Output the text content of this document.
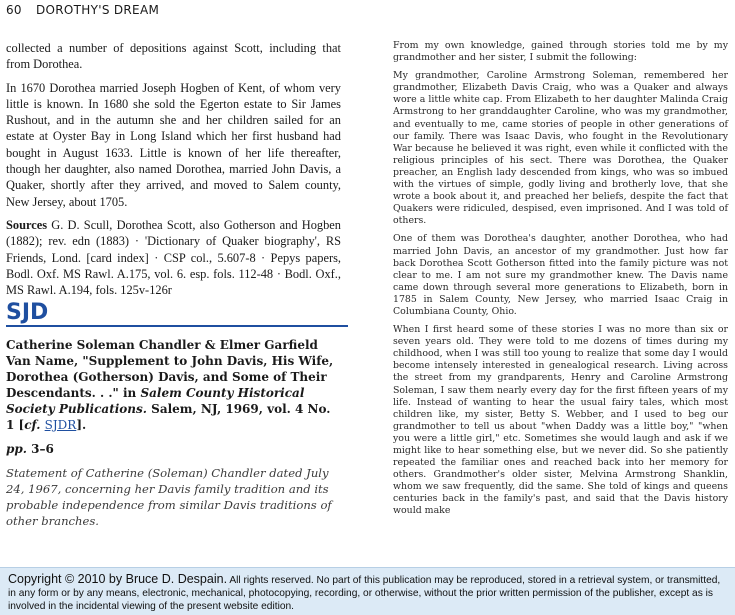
60 DOROTHY'S DREAM

collected a number of depositions against Scott, including that from Dorothea.

In 1670 Dorothea married Joseph Hogben of Kent, of whom very little is known. In 1680 she sold the Egerton estate to Sir James Rushout, and in the autumn she and her children sailed for an estate at Oyster Bay in Long Island which her first husband had bought in August 1633. Little is known of her life thereafter, though her daughter, also named Dorothea, married John Davis, a Quaker, shortly after they arrived, and moved to Salem county, New Jersey, about 1705.

Sources G. D. Scull, Dorothea Scott, also Gotherson and Hogben (1882); rev. edn (1883) · 'Dictionary of Quaker biography', RS Friends, Lond. [card index] · CSP col., 5.607-8 · Pepys papers, Bodl. Oxf. MS Rawl. A.175, vol. 6. esp. fols. 112-48 · Bodl. Oxf., MS Rawl. A.194, fols. 125v-126r

SJD
Catherine Soleman Chandler & Elmer Garfield Van Name, "Supplement to John Davis, His Wife, Dorothea (Gotherson) Davis, and Some of Their Descendants. . ." in Salem County Historical Society Publications. Salem, NJ, 1969, vol. 4 No. 1 [cf. SJDR].
pp. 3–6
Statement of Catherine (Soleman) Chandler dated July 24, 1967, concerning her Davis family tradition and its probable independence from similar Davis traditions of other branches.

From my own knowledge, gained through stories told me by my grandmother and her sister, I submit the following:

My grandmother, Caroline Armstrong Soleman, remembered her grandmother, Elizabeth Davis Craig, who was a Quaker and always wore a little white cap. From Elizabeth to her daughter Malinda Craig Armstrong to her granddaughter Caroline, who was my grandmother, and eventually to me, came stories of people in other generations of our family. There was Isaac Davis, who fought in the Revolutionary War because he believed it was right, even while it conflicted with the religious principles of his sect. There was Dorothea, the Quaker preacher, an English lady descended from kings, who was so imbued with the virtues of simple, godly living and brotherly love, that she wrote a book about it, and preached her beliefs, despite the fact that Quakers were ridiculed, despised, even imprisoned. And I was told of others.

One of them was Dorothea's daughter, another Dorothea, who had married John Davis, an ancestor of my grandmother. Just how far back Dorothea Scott Gotherson fitted into the family picture was not clear to me. I am not sure my grandmother knew. The Davis name came down through several more generations to Elizabeth, born in 1785 in Salem County, New Jersey, who married Isaac Craig in Columbiana County, Ohio.

When I first heard some of these stories I was no more than six or seven years old. They were told to me dozens of times during my childhood, when I was still too young to realize that some day I would become intensely interested in genealogical research. Living across the street from my grandparents, Henry and Caroline Armstrong Soleman, I saw them nearly every day for the first fifteen years of my life. Instead of wanting to hear the usual fairy tales, which most children like, my sister, Betty S. Webber, and I used to beg our grandmother to tell us about "when Daddy was a little boy," "when you were a little girl," etc. Sometimes she would laugh and ask if we might like to hear something else, but we never did. So she patiently repeated the familiar ones and reached back into her memory for others. Grandmother's older sister, Melvina Armstrong Shanklin, whom we saw frequently, did the same. She told of kings and queens centuries back in the family's past, and said that the Davis history would make

Copyright © 2010 by Bruce D. Despain. All rights reserved. No part of this publication may be reproduced, stored in a retrieval system, or transmitted, in any form or by any means, electronic, mechanical, photocopying, recording, or otherwise, without the prior written permission of the publisher, except as is involved in the incidental viewing of the present website edition.
